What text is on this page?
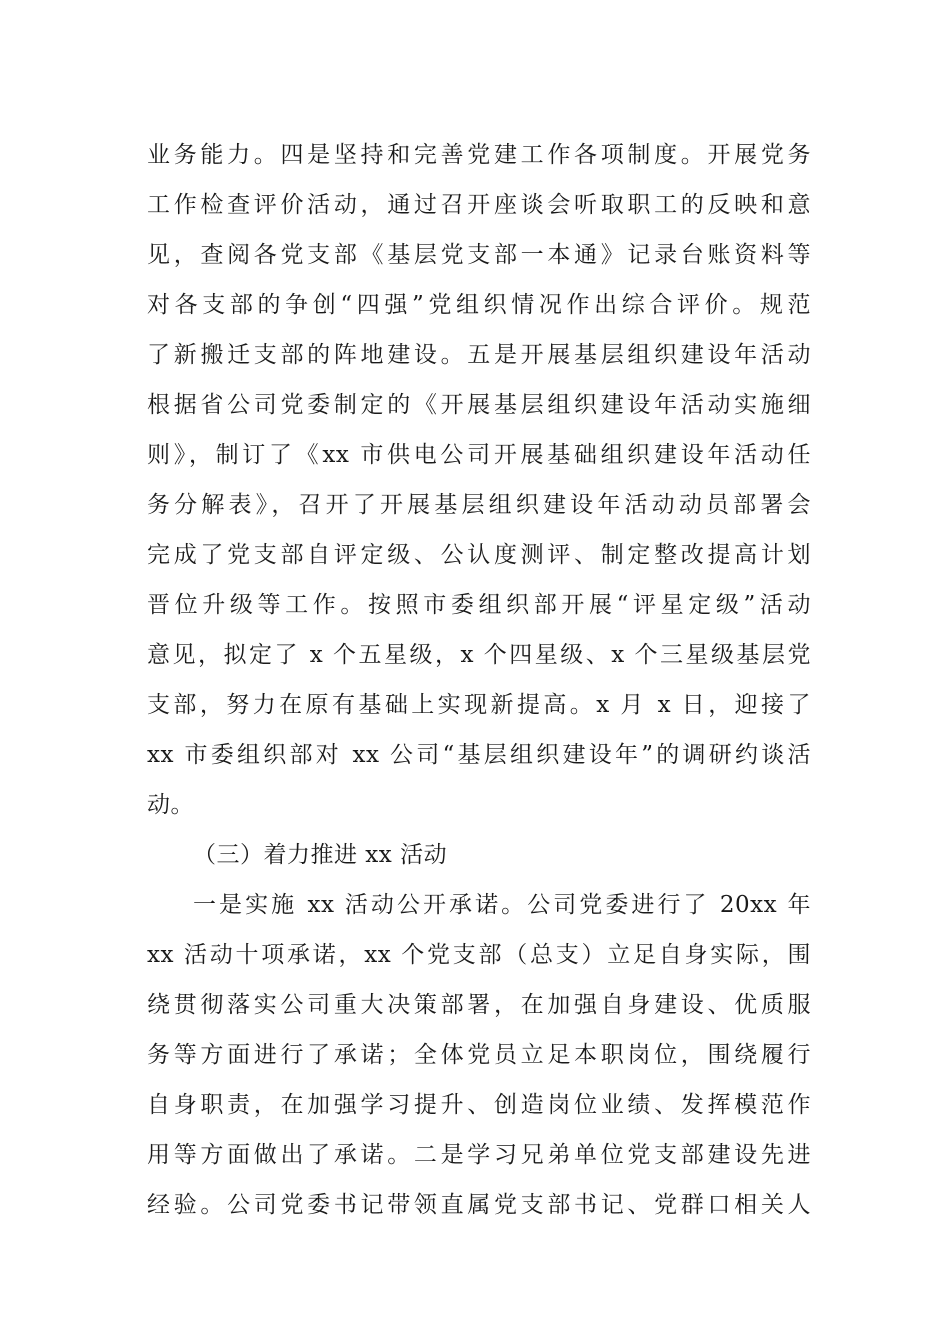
业务能力。四是坚持和完善党建工作各项制度。开展党务
工作检查评价活动，通过召开座谈会听取职工的反映和意
见，查阅各党支部《基层党支部一本通》记录台账资料等
对各支部的争创“四强”党组织情况作出综合评价。规范
了新搬迁支部的阵地建设。五是开展基层组织建设年活动
根据省公司党委制定的《开展基层组织建设年活动实施细
则》，制订了《xx 市供电公司开展基础组织建设年活动任
务分解表》，召开了开展基层组织建设年活动动员部署会
完成了党支部自评定级、公认度测评、制定整改提高计划
晋位升级等工作。按照市委组织部开展“评星定级”活动
意见，拟定了 x 个五星级，x 个四星级、x 个三星级基层党
支部，努力在原有基础上实现新提高。x 月 x 日，迎接了
xx 市委组织部对 xx 公司“基层组织建设年”的调研约谈活
动。
（三）着力推进 xx 活动
一是实施 xx 活动公开承诺。公司党委进行了 20xx 年
xx 活动十项承诺，xx 个党支部（总支）立足自身实际，围
绕贯彻落实公司重大决策部署，在加强自身建设、优质服
务等方面进行了承诺；全体党员立足本职岗位，围绕履行
自身职责，在加强学习提升、创造岗位业绩、发挥模范作
用等方面做出了承诺。二是学习兄弟单位党支部建设先进
经验。公司党委书记带领直属党支部书记、党群口相关人
